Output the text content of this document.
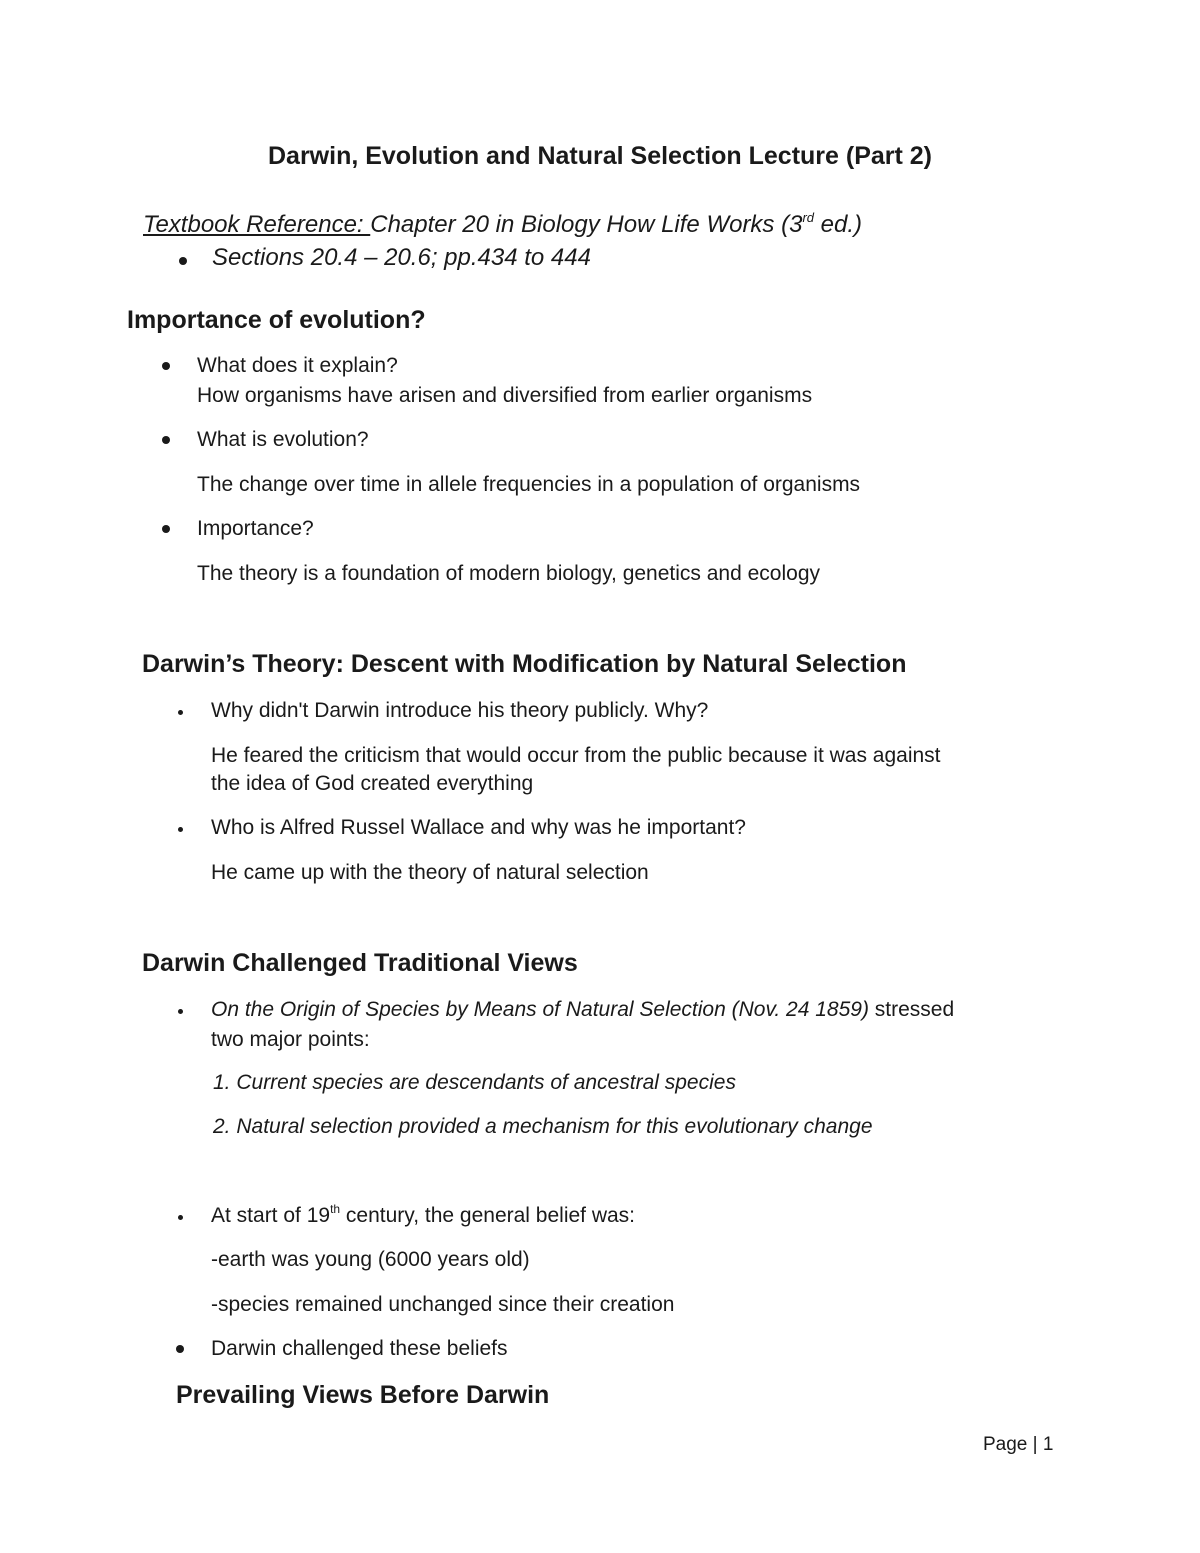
Darwin, Evolution and Natural Selection Lecture (Part 2)
Textbook Reference: Chapter 20 in Biology How Life Works (3rd ed.)
Sections 20.4 – 20.6; pp.434 to 444
Importance of evolution?
What does it explain?
How organisms have arisen and diversified from earlier organisms
What is evolution?
The change over time in allele frequencies in a population of organisms
Importance?
The theory is a foundation of modern biology, genetics and ecology
Darwin’s Theory: Descent with Modification by Natural Selection
Why didn't Darwin introduce his theory publicly. Why?
He feared the criticism that would occur from the public because it was against
the idea of God created everything
Who is Alfred Russel Wallace and why was he important?
He came up with the theory of natural selection
Darwin Challenged Traditional Views
On the Origin of Species by Means of Natural Selection (Nov. 24 1859) stressed
two major points:
1. Current species are descendants of ancestral species
2. Natural selection provided a mechanism for this evolutionary change
At start of 19th century, the general belief was:
-earth was young (6000 years old)
-species remained unchanged since their creation
Darwin challenged these beliefs
Prevailing Views Before Darwin
Page | 1
